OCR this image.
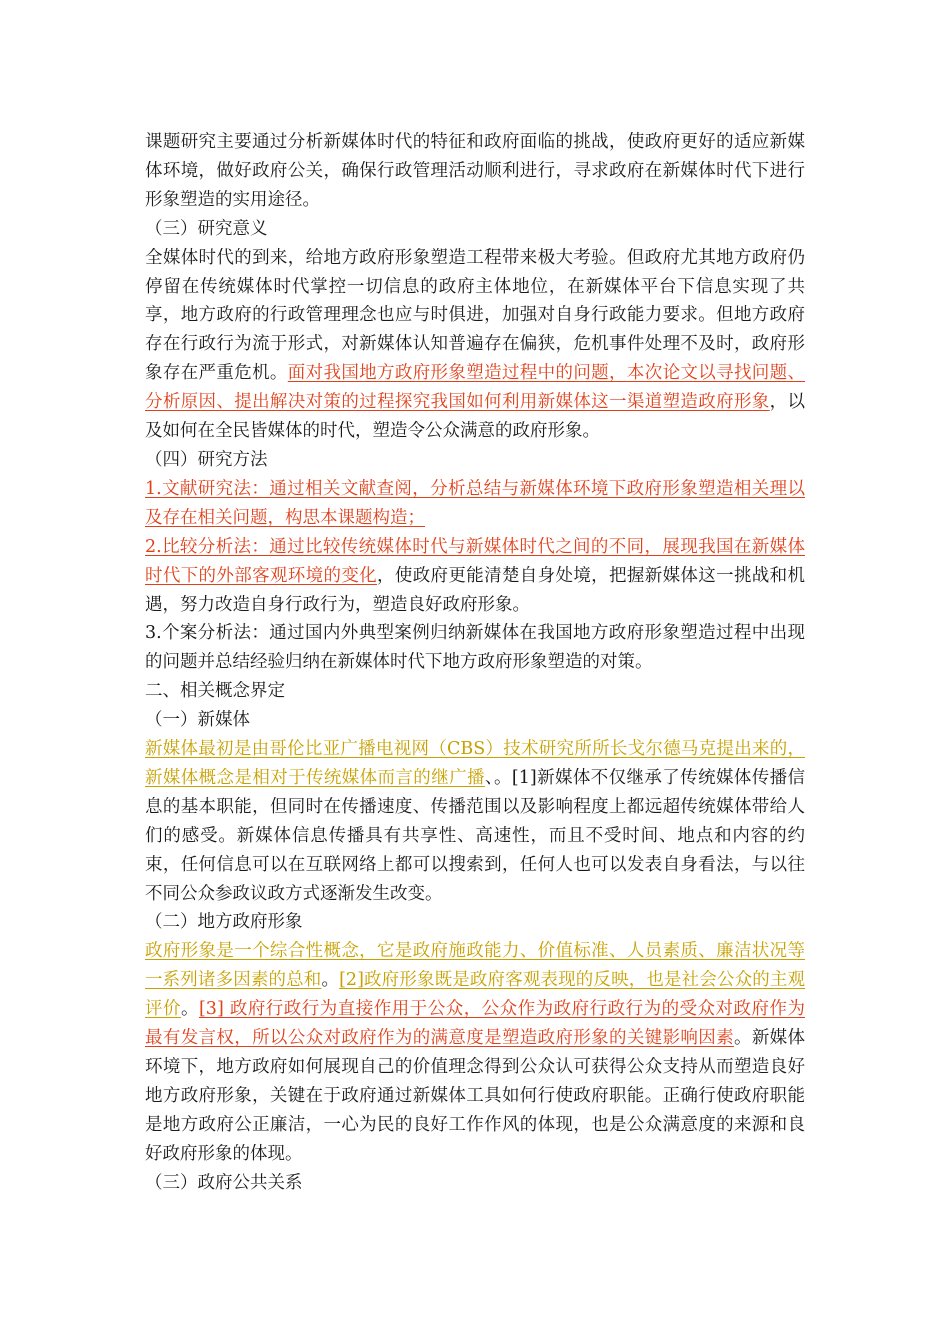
课题研究主要通过分析新媒体时代的特征和政府面临的挑战，使政府更好的适应新媒体环境，做好政府公关，确保行政管理活动顺利进行，寻求政府在新媒体时代下进行形象塑造的实用途径。

（三）研究意义

全媒体时代的到来，给地方政府形象塑造工程带来极大考验。但政府尤其地方政府仍停留在传统媒体时代掌控一切信息的政府主体地位，在新媒体平台下信息实现了共享，地方政府的行政管理理念也应与时俱进，加强对自身行政能力要求。但地方政府存在行政行为流于形式，对新媒体认知普遍存在偏狭，危机事件处理不及时，政府形象存在严重危机。面对我国地方政府形象塑造过程中的问题，本次论文以寻找问题、分析原因、提出解决对策的过程探究我国如何利用新媒体这一渠道塑造政府形象，以及如何在全民皆媒体的时代，塑造令公众满意的政府形象。

（四）研究方法

1.文献研究法：通过相关文献查阅，分析总结与新媒体环境下政府形象塑造相关理以及存在相关问题，构思本课题构造；

2.比较分析法：通过比较传统媒体时代与新媒体时代之间的不同，展现我国在新媒体时代下的外部客观环境的变化，使政府更能清楚自身处境，把握新媒体这一挑战和机遇，努力改造自身行政行为，塑造良好政府形象。

3.个案分析法：通过国内外典型案例归纳新媒体在我国地方政府形象塑造过程中出现的问题并总结经验归纳在新媒体时代下地方政府形象塑造的对策。

二、相关概念界定

（一）新媒体

新媒体最初是由哥伦比亚广播电视网（CBS）技术研究所所长戈尔德马克提出来的，新媒体概念是相对于传统媒体而言的继广播、。[1]新媒体不仅继承了传统媒体传播信息的基本职能，但同时在传播速度、传播范围以及影响程度上都远超传统媒体带给人们的感受。新媒体信息传播具有共享性、高速性，而且不受时间、地点和内容的约束，任何信息可以在互联网络上都可以搜索到，任何人也可以发表自身看法，与以往不同公众参政议政方式逐渐发生改变。

（二）地方政府形象

政府形象是一个综合性概念，它是政府施政能力、价值标准、人员素质、廉洁状况等一系列诸多因素的总和。[2]政府形象既是政府客观表现的反映，也是社会公众的主观评价。[3] 政府行政行为直接作用于公众，公众作为政府行政行为的受众对政府作为最有发言权，所以公众对政府作为的满意度是塑造政府形象的关键影响因素。新媒体环境下，地方政府如何展现自己的价值理念得到公众认可获得公众支持从而塑造良好地方政府形象，关键在于政府通过新媒体工具如何行使政府职能。正确行使政府职能是地方政府公正廉洁，一心为民的良好工作作风的体现，也是公众满意度的来源和良好政府形象的体现。

（三）政府公共关系
